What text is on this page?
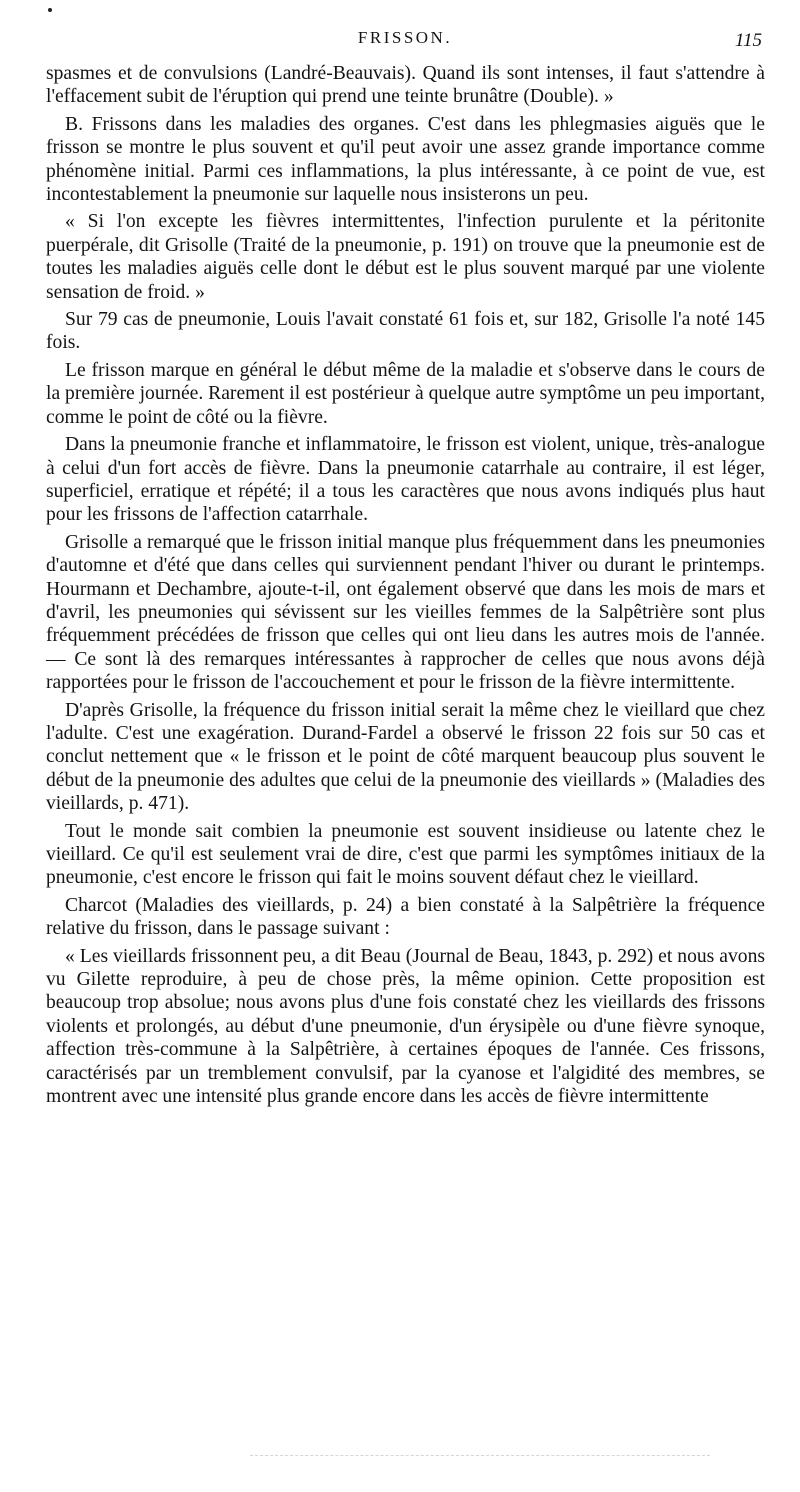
FRISSON.	115

spasmes et de convulsions (Landré-Beauvais). Quand ils sont intenses, il faut s'attendre à l'effacement subit de l'éruption qui prend une teinte brunâtre (Double). »

B. Frissons dans les maladies des organes. C'est dans les phlegmasies aiguës que le frisson se montre le plus souvent et qu'il peut avoir une assez grande importance comme phénomène initial. Parmi ces inflammations, la plus intéressante, à ce point de vue, est incontestablement la pneumonie sur laquelle nous insisterons un peu.

« Si l'on excepte les fièvres intermittentes, l'infection purulente et la péritonite puerpérale, dit Grisolle (Traité de la pneumonie, p. 191) on trouve que la pneumonie est de toutes les maladies aiguës celle dont le début est le plus souvent marqué par une violente sensation de froid. »

Sur 79 cas de pneumonie, Louis l'avait constaté 61 fois et, sur 182, Grisolle l'a noté 145 fois.

Le frisson marque en général le début même de la maladie et s'observe dans le cours de la première journée. Rarement il est postérieur à quelque autre symptôme un peu important, comme le point de côté ou la fièvre.

Dans la pneumonie franche et inflammatoire, le frisson est violent, unique, très-analogue à celui d'un fort accès de fièvre. Dans la pneumonie catarrhale au contraire, il est léger, superficiel, erratique et répété; il a tous les caractères que nous avons indiqués plus haut pour les frissons de l'affection catarrhale.

Grisolle a remarqué que le frisson initial manque plus fréquemment dans les pneumonies d'automne et d'été que dans celles qui surviennent pendant l'hiver ou durant le printemps. Hourmann et Dechambre, ajoute-t-il, ont également observé que dans les mois de mars et d'avril, les pneumonies qui sévissent sur les vieilles femmes de la Salpêtrière sont plus fréquemment précédées de frisson que celles qui ont lieu dans les autres mois de l'année. — Ce sont là des remarques intéressantes à rapprocher de celles que nous avons déjà rapportées pour le frisson de l'accouchement et pour le frisson de la fièvre intermittente.

D'après Grisolle, la fréquence du frisson initial serait la même chez le vieillard que chez l'adulte. C'est une exagération. Durand-Fardel a observé le frisson 22 fois sur 50 cas et conclut nettement que « le frisson et le point de côté marquent beaucoup plus souvent le début de la pneumonie des adultes que celui de la pneumonie des vieillards » (Maladies des vieillards, p. 471).

Tout le monde sait combien la pneumonie est souvent insidieuse ou latente chez le vieillard. Ce qu'il est seulement vrai de dire, c'est que parmi les symptômes initiaux de la pneumonie, c'est encore le frisson qui fait le moins souvent défaut chez le vieillard.

Charcot (Maladies des vieillards, p. 24) a bien constaté à la Salpêtrière la fréquence relative du frisson, dans le passage suivant :

« Les vieillards frissonnent peu, a dit Beau (Journal de Beau, 1843, p. 292) et nous avons vu Gilette reproduire, à peu de chose près, la même opinion. Cette proposition est beaucoup trop absolue; nous avons plus d'une fois constaté chez les vieillards des frissons violents et prolongés, au début d'une pneumonie, d'un érysipèle ou d'une fièvre synoque, affection très-commune à la Salpêtrière, à certaines époques de l'année. Ces frissons, caractérisés par un tremblement convulsif, par la cyanose et l'algidité des membres, se montrent avec une intensité plus grande encore dans les accès de fièvre intermittente
